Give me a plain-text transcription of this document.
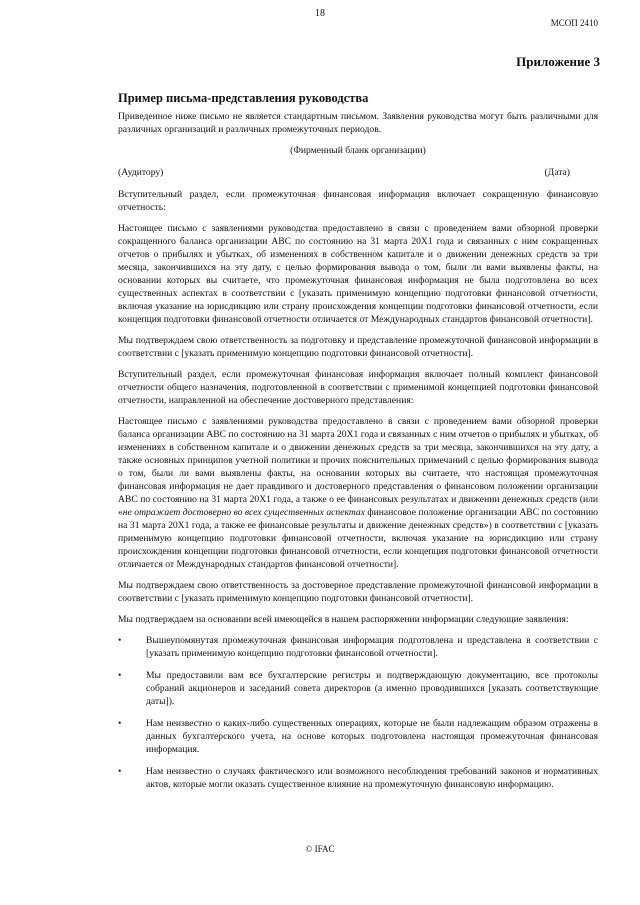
18
МСОП 2410
Приложение 3
Пример письма-представления руководства

Приведенное ниже письмо не является стандартным письмом. Заявления руководства могут быть различными для различных организаций и различных промежуточных периодов.

(Фирменный бланк организации)

(Аудитору)	(Дата)

Вступительный раздел, если промежуточная финансовая информация включает сокращенную финансовую отчетность:

Настоящее письмо с заявлениями руководства предоставлено в связи с проведением вами обзорной проверки сокращенного баланса организации ABC по состоянию на 31 марта 20X1 года и связанных с ним сокращенных отчетов о прибылях и убытках, об изменениях в собственном капитале и о движении денежных средств за три месяца, закончившихся на эту дату, с целью формирования вывода о том, были ли вами выявлены факты, на основании которых вы считаете, что промежуточная финансовая информация не была подготовлена во всех существенных аспектах в соответствии с [указать применимую концепцию подготовки финансовой отчетности, включая указание на юрисдикцию или страну происхождения концепции подготовки финансовой отчетности, если концепция подготовки финансовой отчетности отличается от Международных стандартов финансовой отчетности].

Мы подтверждаем свою ответственность за подготовку и представление промежуточной финансовой информации в соответствии с [указать применимую концепцию подготовки финансовой отчетности].

Вступительный раздел, если промежуточная финансовая информация включает полный комплект финансовой отчетности общего назначения, подготовленной в соответствии с применимой концепцией подготовки финансовой отчетности, направленной на обеспечение достоверного представления:

Настоящее письмо с заявлениями руководства предоставлено в связи с проведением вами обзорной проверки баланса организации ABC по состоянию на 31 марта 20X1 года и связанных с ним отчетов о прибылях и убытках, об изменениях в собственном капитале и о движении денежных средств за три месяца, закончившихся на эту дату, а также основных принципов учетной политики и прочих пояснительных примечаний с целью формирования вывода о том, были ли вами выявлены факты, на основании которых вы считаете, что настоящая промежуточная финансовая информация не дает правдивого и достоверного представления о финансовом положении организации ABC по состоянию на 31 марта 20X1 года, а также о ее финансовых результатах и движении денежных средств (или «не отражает достоверно во всех существенных аспектах финансовое положение организации ABC по состоянию на 31 марта 20X1 года, а также ее финансовые результаты и движение денежных средств») в соответствии с [указать применимую концепцию подготовки финансовой отчетности, включая указание на юрисдикцию или страну происхождения концепции подготовки финансовой отчетности, если концепция подготовки финансовой отчетности отличается от Международных стандартов финансовой отчетности].

Мы подтверждаем свою ответственность за достоверное представление промежуточной финансовой информации в соответствии с [указать применимую концепцию подготовки финансовой отчетности].

Мы подтверждаем на основании всей имеющейся в нашем распоряжении информации следующие заявления:

•	Вышеупомянутая промежуточная финансовая информация подготовлена и представлена в соответствии с [указать применимую концепцию подготовки финансовой отчетности].
•	Мы предоставили вам все бухгалтерские регистры и подтверждающую документацию, все протоколы собраний акционеров и заседаний совета директоров (а именно проводившихся [указать соответствующие даты]).
•	Нам неизвестно о каких-либо существенных операциях, которые не были надлежащим образом отражены в данных бухгалтерского учета, на основе которых подготовлена настоящая промежуточная финансовая информация.
•	Нам неизвестно о случаях фактического или возможного несоблюдения требований законов и нормативных актов, которые могли оказать существенное влияние на промежуточную финансовую информацию.
© IFAC
